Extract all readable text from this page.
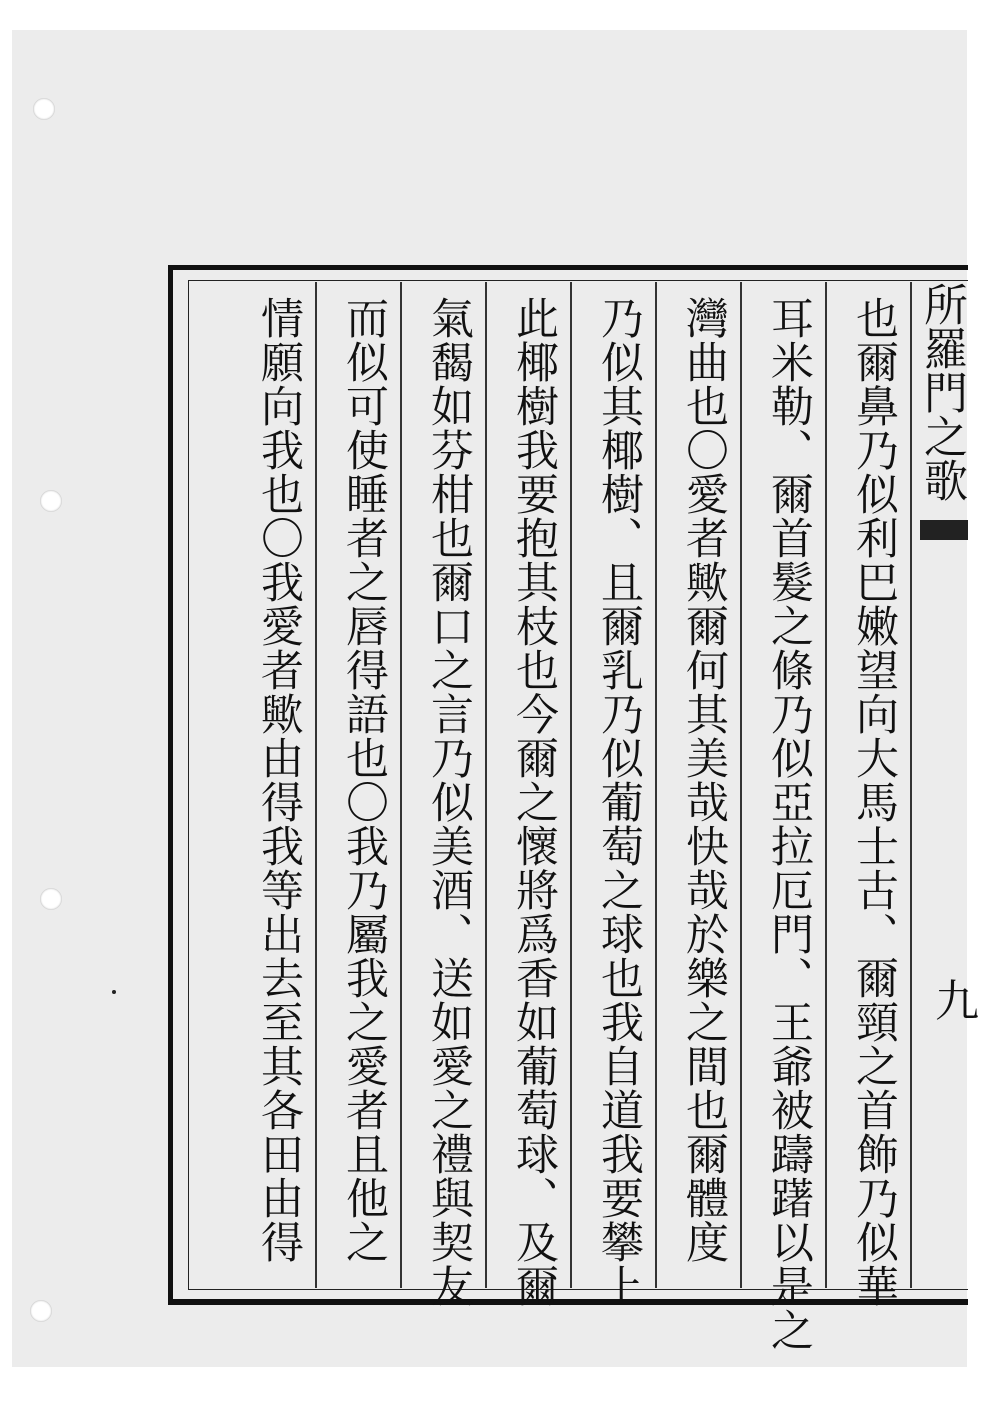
所羅門之歌
九
也爾鼻乃似利巴嫩望向大馬士古、爾頸之首飾乃似華
耳米勒、爾首髮之條乃似亞拉厄門、王爺被躊躇以是之
灣曲也〇愛者歟爾何其美哉快哉於樂之間也爾體度
乃似其椰樹、且爾乳乃似葡萄之球也我自道我要攀上
此椰樹我要抱其枝也今爾之懷將爲香如葡萄球、及爾
氣馤如芬柑也爾口之言乃似美酒、送如愛之禮與契友
而似可使睡者之唇得語也〇我乃屬我之愛者且他之
情願向我也〇我愛者歟由得我等出去至其各田由得
